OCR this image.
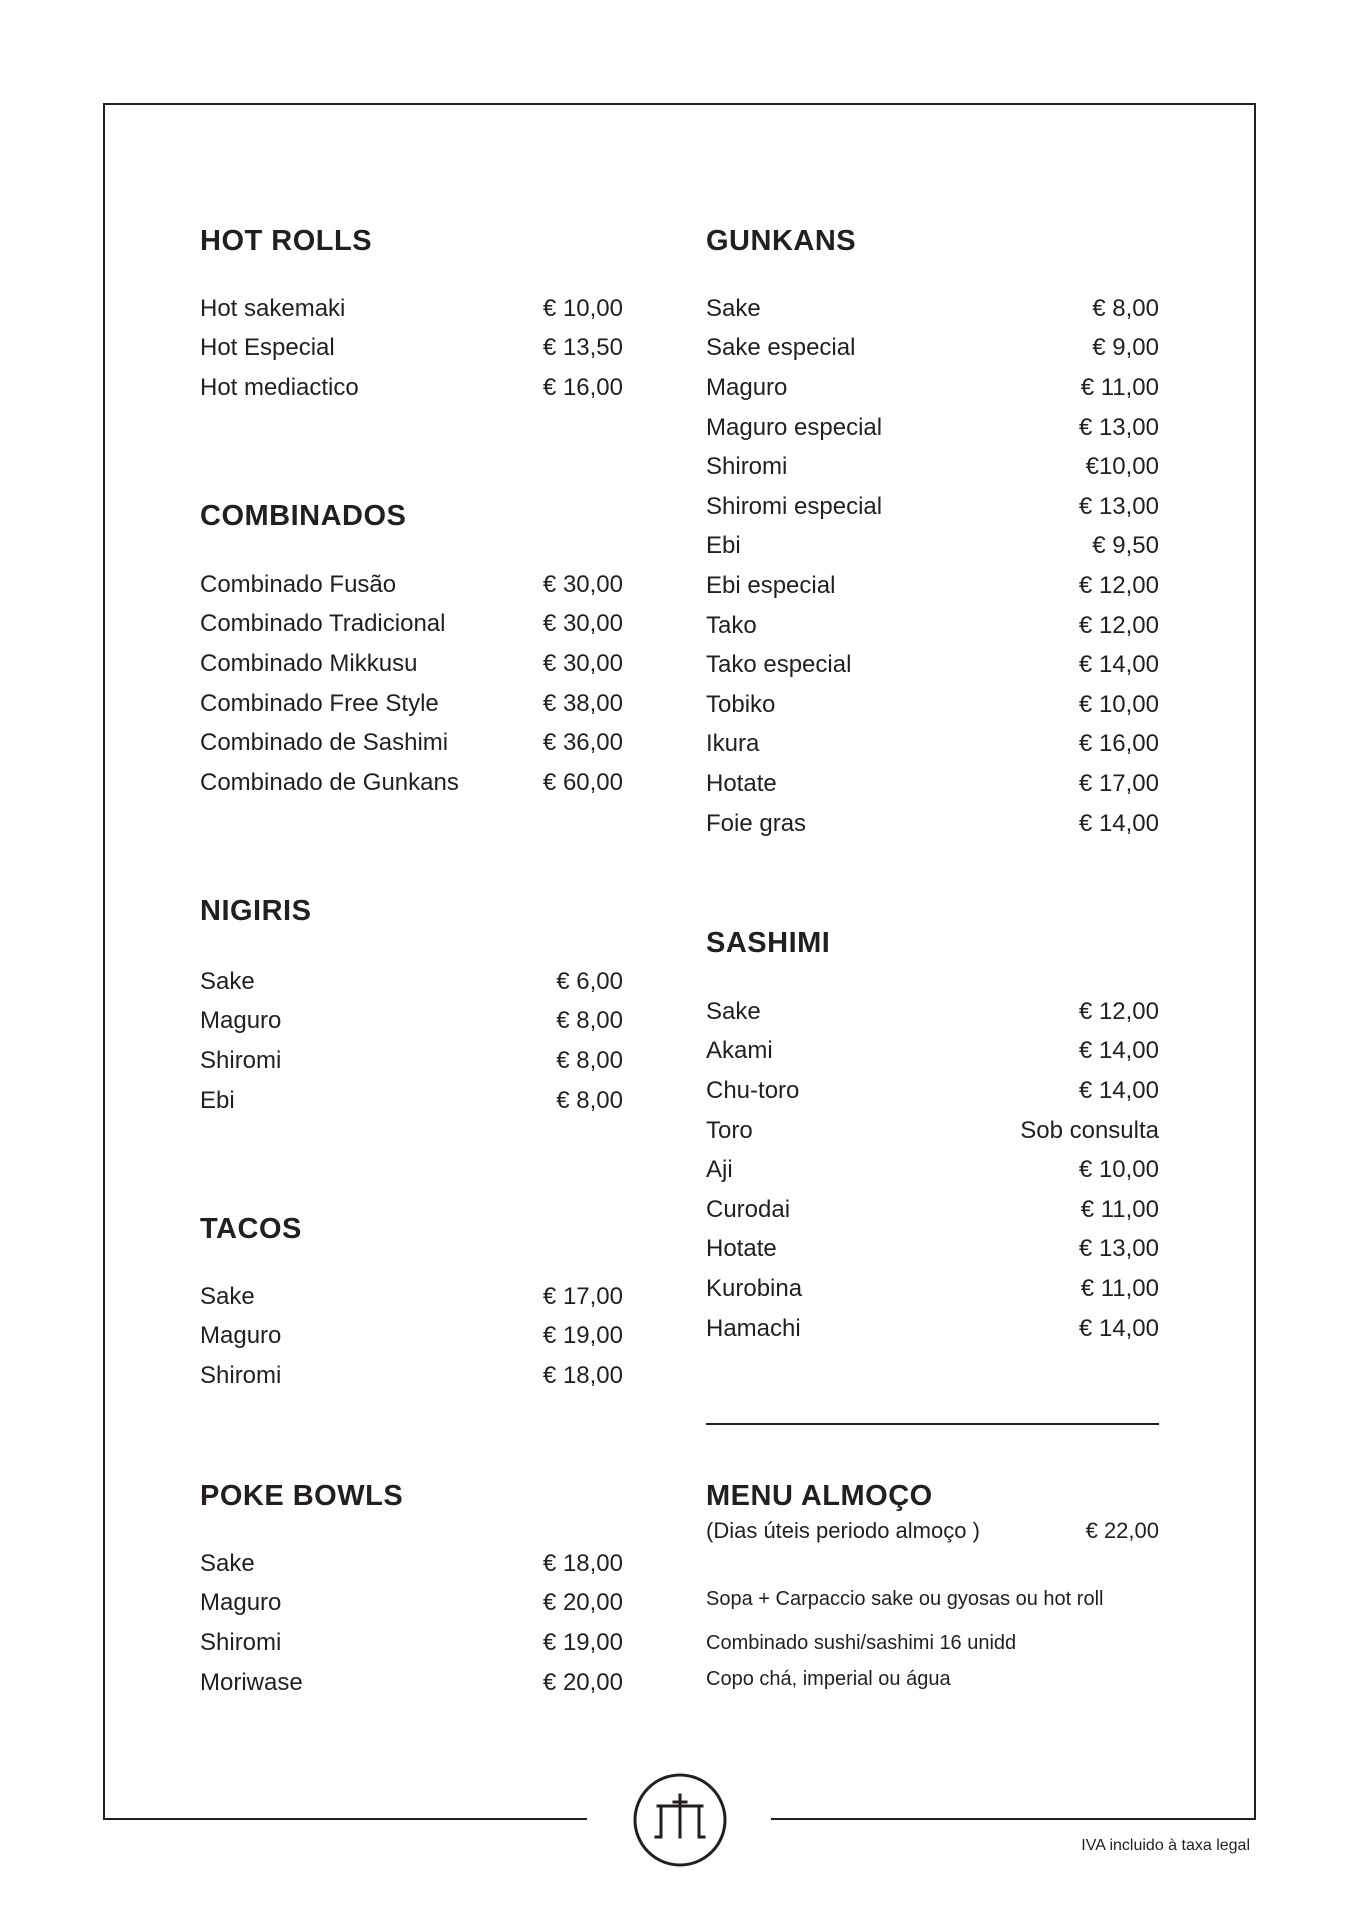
HOT ROLLS
Hot sakemaki	€ 10,00
Hot Especial	€ 13,50
Hot mediactico	€ 16,00
COMBINADOS
Combinado Fusão	€ 30,00
Combinado Tradicional	€ 30,00
Combinado Mikkusu	€ 30,00
Combinado Free Style	€ 38,00
Combinado de Sashimi	€ 36,00
Combinado de Gunkans	€ 60,00
NIGIRIS
Sake	€ 6,00
Maguro	€ 8,00
Shiromi	€ 8,00
Ebi	€ 8,00
TACOS
Sake	€ 17,00
Maguro	€ 19,00
Shiromi	€ 18,00
POKE BOWLS
Sake	€ 18,00
Maguro	€ 20,00
Shiromi	€ 19,00
Moriwase	€ 20,00
GUNKANS
Sake	€ 8,00
Sake especial	€ 9,00
Maguro	€ 11,00
Maguro especial	€ 13,00
Shiromi	€10,00
Shiromi especial	€ 13,00
Ebi	€ 9,50
Ebi especial	€ 12,00
Tako	€ 12,00
Tako especial	€ 14,00
Tobiko	€ 10,00
Ikura	€ 16,00
Hotate	€ 17,00
Foie gras	€ 14,00
SASHIMI
Sake	€ 12,00
Akami	€ 14,00
Chu-toro	€ 14,00
Toro	Sob consulta
Aji	€ 10,00
Curodai	€ 11,00
Hotate	€ 13,00
Kurobina	€ 11,00
Hamachi	€ 14,00
MENU ALMOÇO
(Dias úteis periodo almoço )	€ 22,00
Sopa + Carpaccio sake ou gyosas ou hot roll
Combinado sushi/sashimi 16 unidd
Copo chá, imperial ou água
IVA incluido à taxa legal
